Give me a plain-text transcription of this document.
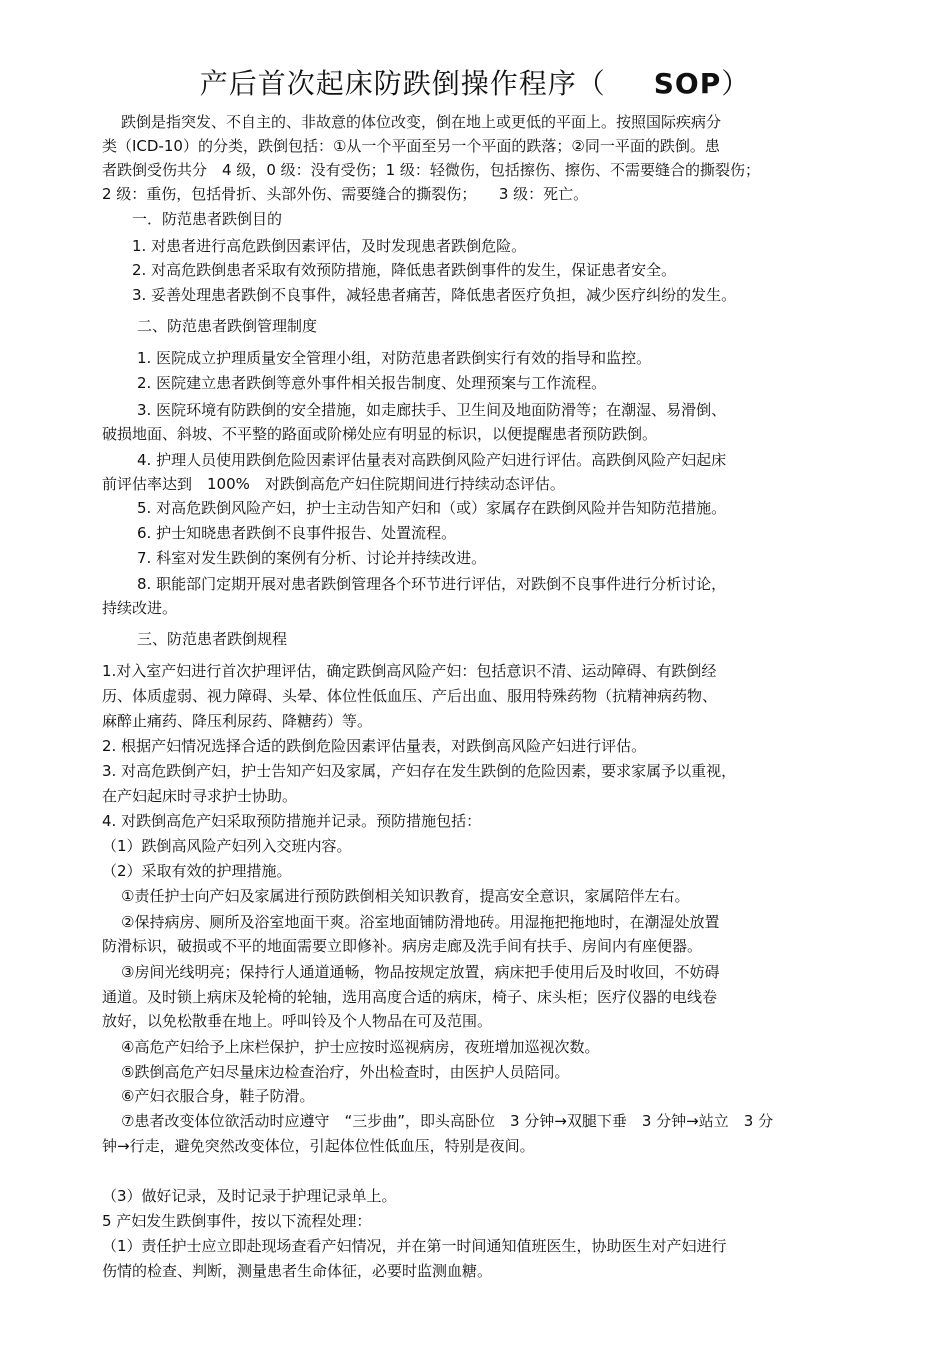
产后首次起床防跌倒操作程序（ SOP）
跌倒是指突发、不自主的、非故意的体位改变，倒在地上或更低的平面上。按照国际疾病分
类（ICD-10）的分类，跌倒包括：①从一个平面至另一个平面的跌落；②同一平面的跌倒。患
者跌倒受伤共分　4 级，0 级：没有受伤；1 级：轻微伤，包括擦伤、擦伤、不需要缝合的撕裂伤；
2 级：重伤，包括骨折、头部外伤、需要缝合的撕裂伤；　　3 级：死亡。
一．防范患者跌倒目的
1. 对患者进行高危跌倒因素评估，及时发现患者跌倒危险。
2. 对高危跌倒患者采取有效预防措施，降低患者跌倒事件的发生，保证患者安全。
3. 妥善处理患者跌倒不良事件，减轻患者痛苦，降低患者医疗负担，减少医疗纠纷的发生。
二、防范患者跌倒管理制度
1. 医院成立护理质量安全管理小组，对防范患者跌倒实行有效的指导和监控。
2. 医院建立患者跌倒等意外事件相关报告制度、处理预案与工作流程。
3. 医院环境有防跌倒的安全措施，如走廊扶手、卫生间及地面防滑等；在潮湿、易滑倒、
破损地面、斜坡、不平整的路面或阶梯处应有明显的标识，以便提醒患者预防跌倒。
4. 护理人员使用跌倒危险因素评估量表对高跌倒风险产妇进行评估。高跌倒风险产妇起床
前评估率达到　100%　对跌倒高危产妇住院期间进行持续动态评估。
5. 对高危跌倒风险产妇，护士主动告知产妇和（或）家属存在跌倒风险并告知防范措施。
6. 护士知晓患者跌倒不良事件报告、处置流程。
7. 科室对发生跌倒的案例有分析、讨论并持续改进。
8. 职能部门定期开展对患者跌倒管理各个环节进行评估，对跌倒不良事件进行分析讨论，
持续改进。
三、防范患者跌倒规程
1.对入室产妇进行首次护理评估，确定跌倒高风险产妇：包括意识不清、运动障碍、有跌倒经
历、体质虚弱、视力障碍、头晕、体位性低血压、产后出血、服用特殊药物（抗精神病药物、
麻醉止痛药、降压利尿药、降糖药）等。
2. 根据产妇情况选择合适的跌倒危险因素评估量表，对跌倒高风险产妇进行评估。
3. 对高危跌倒产妇，护士告知产妇及家属，产妇存在发生跌倒的危险因素，要求家属予以重视，
在产妇起床时寻求护士协助。
4. 对跌倒高危产妇采取预防措施并记录。预防措施包括：
（1）跌倒高风险产妇列入交班内容。
（2）采取有效的护理措施。
①责任护士向产妇及家属进行预防跌倒相关知识教育，提高安全意识，家属陪伴左右。
②保持病房、厕所及浴室地面干爽。浴室地面铺防滑地砖。用湿拖把拖地时，在潮湿处放置
防滑标识，破损或不平的地面需要立即修补。病房走廊及洗手间有扶手、房间内有座便器。
③房间光线明亮；保持行人通道通畅，物品按规定放置，病床把手使用后及时收回，不妨碍
通道。及时锁上病床及轮椅的轮轴，选用高度合适的病床，椅子、床头柜；医疗仪器的电线卷
放好，以免松散垂在地上。呼叫铃及个人物品在可及范围。
④高危产妇给予上床栏保护，护士应按时巡视病房，夜班增加巡视次数。
⑤跌倒高危产妇尽量床边检查治疗，外出检查时，由医护人员陪同。
⑥产妇衣服合身，鞋子防滑。
⑦患者改变体位欲活动时应遵守　“三步曲”，即头高卧位　3 分钟→双腿下垂　3 分钟→站立　3 分
钟→行走，避免突然改变体位，引起体位性低血压，特别是夜间。
（3）做好记录，及时记录于护理记录单上。
5 产妇发生跌倒事件，按以下流程处理：
（1）责任护士应立即赴现场查看产妇情况，并在第一时间通知值班医生，协助医生对产妇进行
伤情的检查、判断，测量患者生命体征，必要时监测血糖。
